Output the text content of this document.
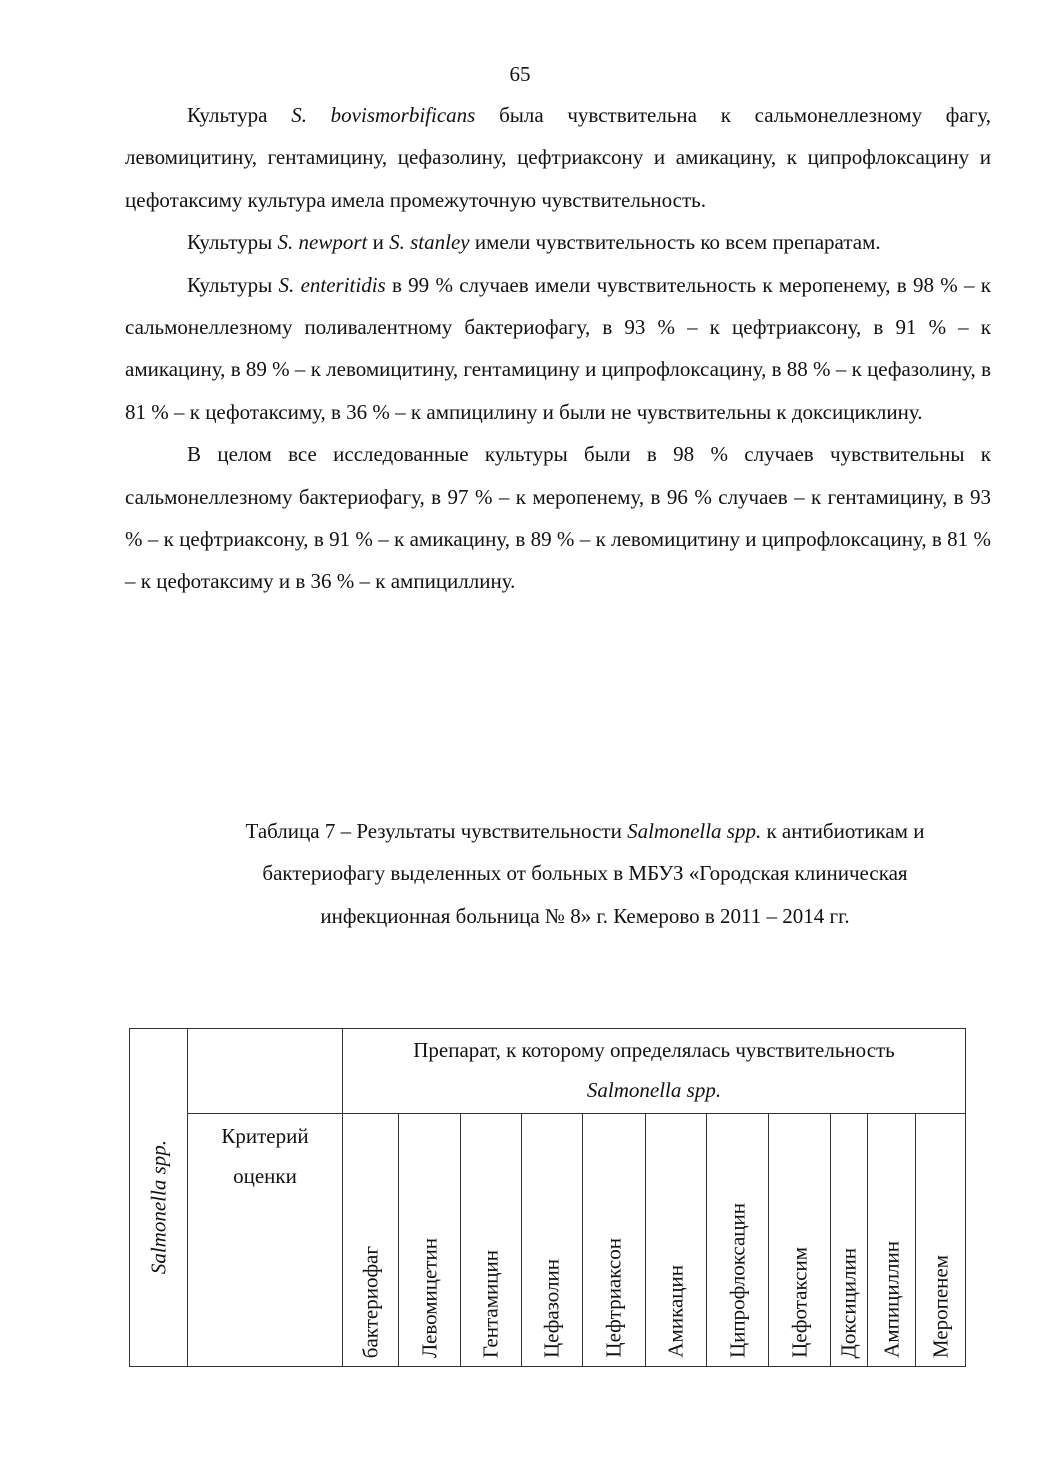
65

Культура S. bovismorbificans была чувствительна к сальмонеллезному фагу, левомицитину, гентамицину, цефазолину, цефтриаксону и амикацину, к ципрофлоксацину и цефотаксиму культура имела промежуточную чувствительность.

Культуры S. newport и S. stanley имели чувствительность ко всем препаратам.

Культуры S. enteritidis в 99 % случаев имели чувствительность к меропенему, в 98 % – к сальмонеллезному поливалентному бактериофагу, в 93 % – к цефтриаксону, в 91 % – к амикацину, в 89 % – к левомицитину, гентамицину и ципрофлоксацину, в 88 % – к цефазолину, в 81 % – к цефотаксиму, в 36 % – к ампицилину и были не чувствительны к доксициклину.

В целом все исследованные культуры были в 98 % случаев чувствительны к сальмонеллезному бактериофагу, в 97 % – к меропенему, в 96 % случаев – к гентамицину, в 93 % – к цефтриаксону, в 91 % – к амикацину, в 89 % – к левомицитину и ципрофлоксацину, в 81 % – к цефотаксиму и в 36 % – к ампициллину.

Таблица 7 – Результаты чувствительности Salmonella spp. к антибиотикам и

бактериофагу выделенных от больных в МБУЗ «Городская клиническая

инфекционная больница № 8» г. Кемерово в 2011 – 2014 гг.

Salmonella spp.		Препарат, к которому определялась чувствительность
Salmonella spp.										

	Критерий
оценки	бактериофаг	Левомицетин	Гентамицин	Цефазолин	Цефтриаксон	Амикацин	Ципрофлоксацин	Цефотаксим	Доксицилин	Ампициллин	Меропенем
